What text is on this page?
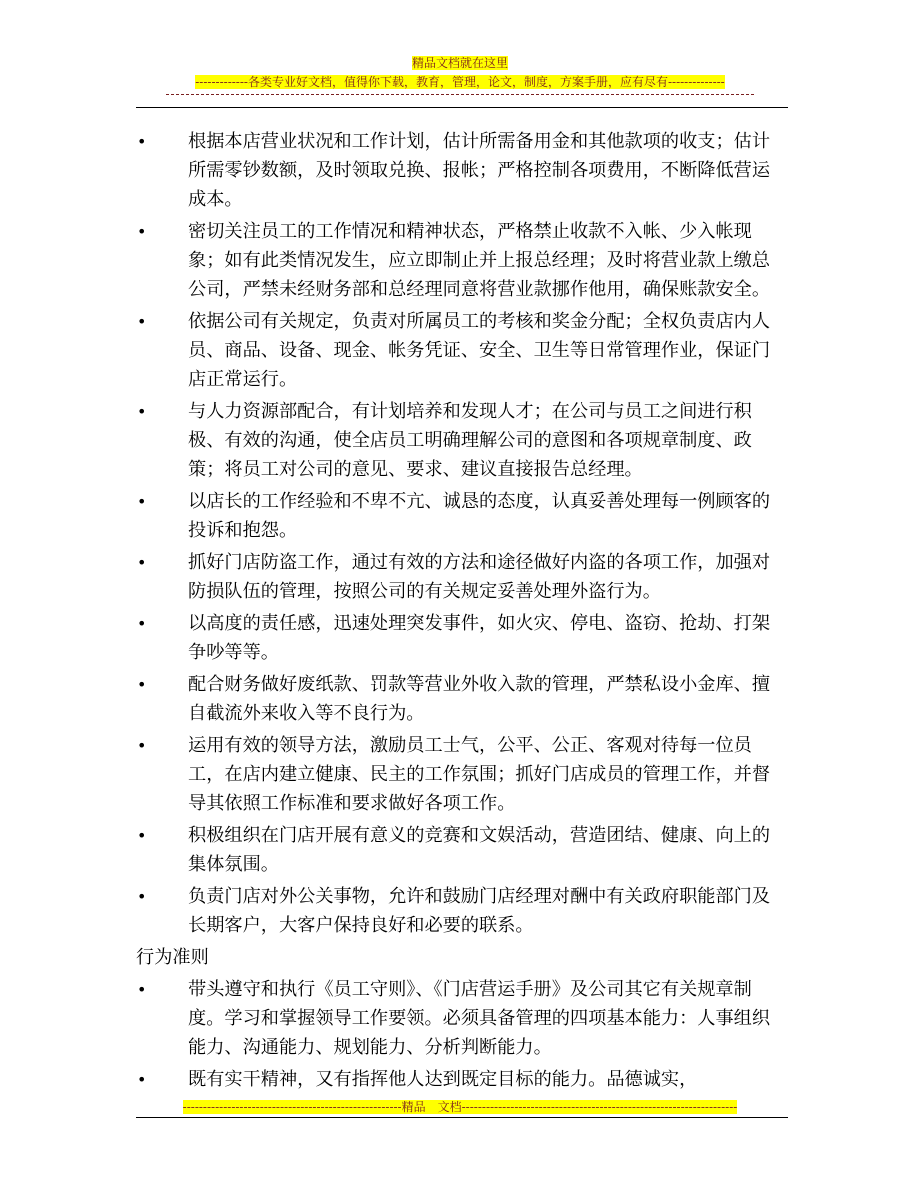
精品文档就在这里
-------------各类专业好文档，值得你下载，教育，管理，论文，制度，方案手册，应有尽有--------------
• 根据本店营业状况和工作计划，估计所需备用金和其他款项的收支；估计所需零钞数额，及时领取兑换、报帐；严格控制各项费用，不断降低营运成本。
• 密切关注员工的工作情况和精神状态，严格禁止收款不入帐、少入帐现象；如有此类情况发生，应立即制止并上报总经理；及时将营业款上缴总公司，严禁未经财务部和总经理同意将营业款挪作他用，确保账款安全。
• 依据公司有关规定，负责对所属员工的考核和奖金分配；全权负责店内人员、商品、设备、现金、帐务凭证、安全、卫生等日常管理作业，保证门店正常运行。
• 与人力资源部配合，有计划培养和发现人才；在公司与员工之间进行积极、有效的沟通，使全店员工明确理解公司的意图和各项规章制度、政策；将员工对公司的意见、要求、建议直接报告总经理。
• 以店长的工作经验和不卑不亢、诚恳的态度，认真妥善处理每一例顾客的投诉和抱怨。
• 抓好门店防盗工作，通过有效的方法和途径做好内盗的各项工作，加强对防损队伍的管理，按照公司的有关规定妥善处理外盗行为。
• 以高度的责任感，迅速处理突发事件，如火灾、停电、盗窃、抢劫、打架争吵等等。
• 配合财务做好废纸款、罚款等营业外收入款的管理，严禁私设小金库、擅自截流外来收入等不良行为。
• 运用有效的领导方法，激励员工士气，公平、公正、客观对待每一位员工，在店内建立健康、民主的工作氛围；抓好门店成员的管理工作，并督导其依照工作标准和要求做好各项工作。
• 积极组织在门店开展有意义的竞赛和文娱活动，营造团结、健康、向上的集体氛围。
• 负责门店对外公关事物，允许和鼓励门店经理对酬中有关政府职能部门及长期客户，大客户保持良好和必要的联系。
行为准则
• 带头遵守和执行《员工守则》、《门店营运手册》及公司其它有关规章制度。学习和掌握领导工作要领。必须具备管理的四项基本能力：人事组织能力、沟通能力、规划能力、分析判断能力。
• 既有实干精神，又有指挥他人达到既定目标的能力。品德诚实，
------------------------------------------------------精品　文档--------------------------------------------------------------------
